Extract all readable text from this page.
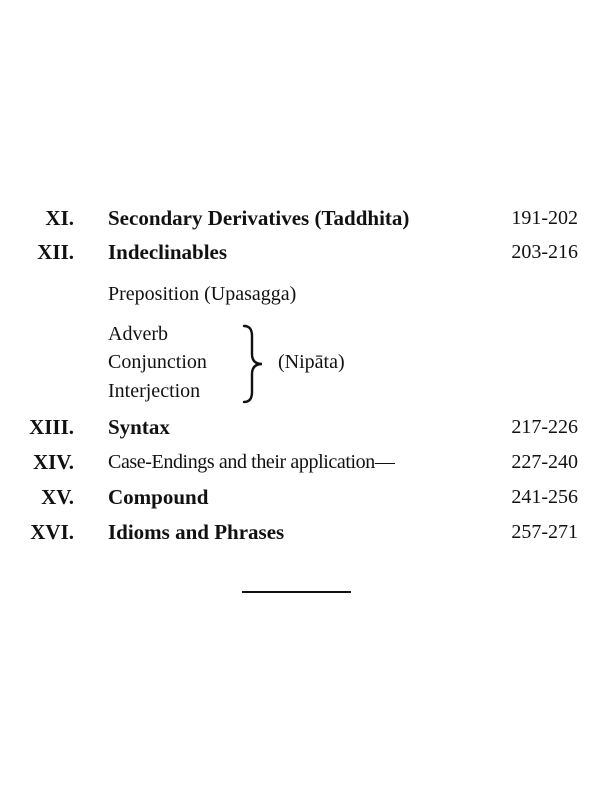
XI. Secondary Derivatives (Taddhita)	191-202
XII. Indeclinables	203-216
Preposition (Upasagga)
Adverb
Conjunction
Interjection
(Nipāta)
XIII. Syntax	217-226
XIV. Case-Endings and their application—	227-240
XV. Compound	241-256
XVI. Idioms and Phrases	257-271
